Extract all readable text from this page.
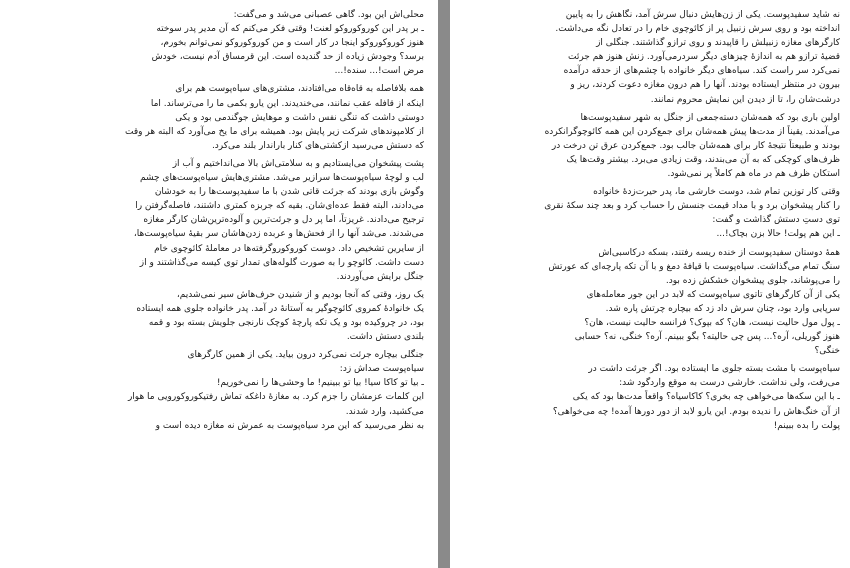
محلی‌اش این بود. گاهی عصبانی می‌شد و می‌گفت:
ـ بر پدر این کوروکوروکو لعنت! وقتی فکر می‌کنم که آن مدیر پدر سوخته
هنوز کوروکوروکو اینجا در کار است و من کوروکوروکو نمی‌توانم بخورم،
برسد؟ وجودش زیاده از حد گندیده است. این قرمساق آدم نیست، خودش
مرض است!... سنده!...
همه بلافاصله به قاه‌قاه می‌افتادند، مشتری‌های سیاه‌پوست هم برای
اینکه از قافله عقب نمانند، می‌خندیدند. این یارو بکمی ما را می‌ترساند. اما
دوستی داشت که تنگی نفس داشت و موهایش جوگندمی بود و یکی
از کلامپوندهای شرکت زیر پایش بود. همیشه برای ما یخ می‌آورد که البته هر وقت
که دستش می‌رسید ازکشتی‌های کنار باراندار بلند می‌کرد.
پشت پیشخوان می‌ایستادیم و به سلامتی‌اش بالا می‌انداختیم و آب از
لب و لوچهٔ سیاه‌پوست‌ها سرازیر می‌شد. مشتری‌هایش سیاه‌پوست‌های چشم
وگوش بازی بودند که جرئت قاتی شدن با ما سفیدپوست‌ها را به خودشان
می‌دادند، البته فقط عده‌ای‌شان. بقیه که جربزه کمتری داشتند، فاصله‌گرفتن را
ترجیح می‌دادند. غریزتاً، اما پر دل و جرئت‌ترین و آلوده‌ترین‌شان کارگر مغازه
می‌شدند. می‌شد آنها را از فحش‌ها و عربده زدن‌هاشان سر بقیهٔ سیاه‌پوست‌ها،
از سایرین تشخیص داد. دوست کوروکوروگرفته‌ها در معاملهٔ کائوچوی خام
دست داشت. کائوچو را به صورت گلوله‌های تمدار توی کیسه می‌گذاشتند و از
جنگل برایش می‌آوردند.
یک روز، وقتی که آنجا بودیم و از شنیدن حرف‌هاش سیر نمی‌شدیم،
یک خانوادهٔ کمروی کائوچوگیر به آستانهٔ در آمد. پدر خانواده جلوی همه ایستاده
بود، در چروکیده بود و یک تکه پارچهٔ کوچک نارنجی جلویش بسته بود و قمه
بلندی دستش داشت.
جنگلی بیچاره جرئت نمی‌کرد درون بیاید. یکی از همین کارگرهای
سیاه‌پوست صداش زد:
ـ بیا تو کاکا سیا! بیا تو ببینیم! ما وحشی‌ها را نمی‌خوریم!
این کلمات عزمشان را جزم کرد. به مغازهٔ داغکه تماش رفتیکوروکورویی ما هوار
می‌کشید، وارد شدند.
به نظر می‌رسید که این مرد سیاه‌پوست به عمرش نه مغازه دیده است و
نه شاید سفیدپوست. یکی از زن‌هایش دنبال سرش آمد، نگاهش را به پایین
انداخته بود و روی سرش زنبیل پر از کائوچوی خام را در تعادل نگه می‌داشت.
کارگرهای مغازه زنبیلش را قاپیدند و روی ترازو گذاشتند. جنگلی از
قضیهٔ ترازو هم به اندازهٔ چیزهای دیگر سردرمی‌آورد. زنش هنوز هم جرئت
نمی‌کرد سر راست کند. سیاه‌های دیگر خانواده با چشم‌های از حدقه درآمده
بیرون در منتظر ایستاده بودند. آنها را هم درون مغازه دعوت کردند، ریز و
درشت‌شان را، تا از دیدن این نمایش محروم نمانند.
اولین باری بود که همه‌شان دسته‌جمعی از جنگل به شهر سفیدپوست‌ها
می‌آمدند. یقیناً از مدت‌ها پیش همه‌شان برای جمع‌کردن این همه کائوچوگرانکرده
بودند و طبیعتاً نتیجهٔ کار برای همه‌شان جالب بود. جمع‌کردن عرق تن درخت در
ظرف‌های کوچکی که به آن می‌بندند، وقت زیادی می‌برد. بیشتر وقت‌ها یک
استکان ظرف هم در ماه هم کاملاً پر نمی‌شود.
وقتی کار توزین تمام شد، دوست خارشی ما، پدر حیرت‌زدهٔ خانواده
را کنار پیشخوان برد و با مداد قیمت جنسش را حساب کرد و بعد چند سکهٔ نقری
توی دستِ دستش گذاشت و گفت:
ـ این هم پولت! حالا بزن بچاک!...
همهٔ دوستان سفیدپوست از خنده ریسه رفتند، بسکه درکاسبی‌اش
سنگ تمام می‌گذاشت. سیاه‌پوست با قیافهٔ دمغ و با آن تکه پارچه‌ای که عورتش
را می‌پوشاند، جلوی پیشخوان خشکش زده بود.
یکی از آن کارگرهای تاتوی سیاه‌پوست که لابد در این جور معامله‌های
سرپایی وارد بود، چنان سرش داد زد که بیچاره چرتش پاره شد.
ـ پول مول حالیت نیست، هان؟ که بپوک؟ فرانسه حالیت نیست، هان؟
هنوز گوریلی، آره؟... پس چی حالیته؟ بگو ببینم. آره؟ خنگی، نه؟ حسابی
خنگی؟
سیاه‌پوست با مشت بسته جلوی ما ایستاده بود. اگر جرئت داشت در
می‌رفت، ولی نداشت. خارشی درست به موقع واردگود شد:
ـ با این سکه‌ها می‌خواهی چه بخری؟ کاکاسیاه؟ واقعاً مدت‌ها بود که یکی
از آن خنگ‌هاش را ندیده بودم. این یارو لابد از دور دورها آمده! چه می‌خواهی؟
پولت را بده ببینم!
